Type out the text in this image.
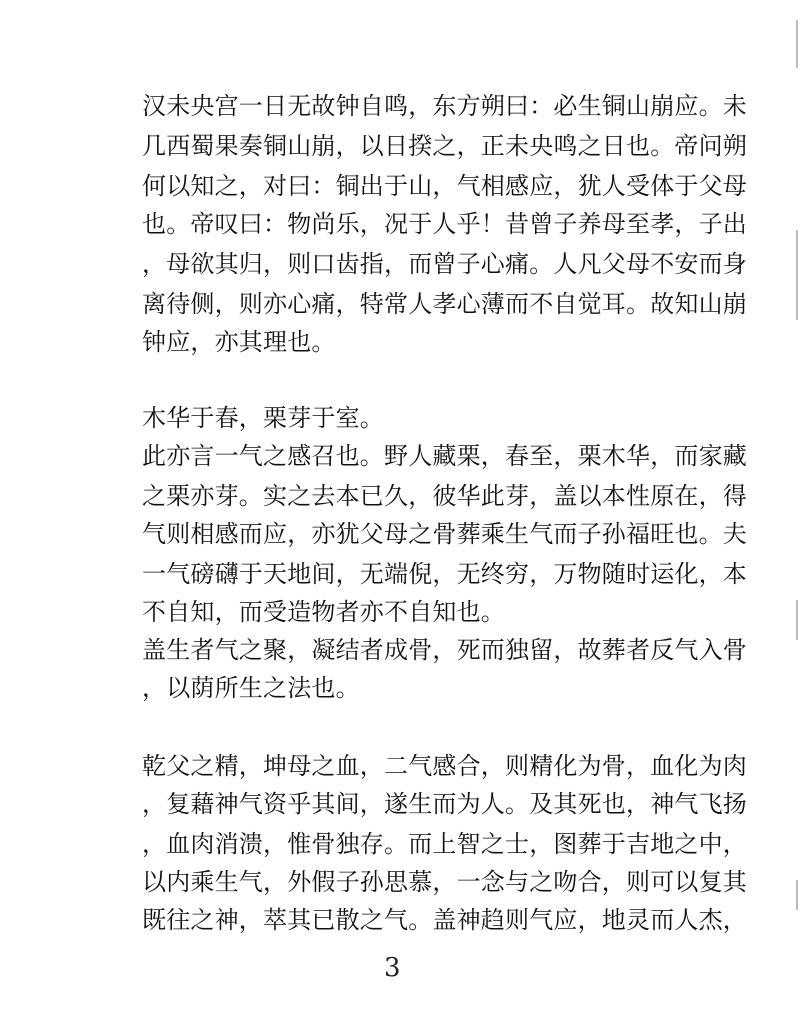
汉未央宫一日无故钟自鸣，东方朔曰：必生铜山崩应。未
几西蜀果奏铜山崩，以日揆之，正未央鸣之日也。帝问朔
何以知之，对曰：铜出于山，气相感应，犹人受体于父母
也。帝叹曰：物尚乐，况于人乎！昔曾子养母至孝，子出
，母欲其归，则口齿指，而曾子心痛。人凡父母不安而身
离待侧，则亦心痛，特常人孝心薄而不自觉耳。故知山崩
钟应，亦其理也。
木华于春，栗芽于室。
此亦言一气之感召也。野人藏栗，春至，栗木华，而家藏
之栗亦芽。实之去本已久，彼华此芽，盖以本性原在，得
气则相感而应，亦犹父母之骨葬乘生气而子孙福旺也。夫
一气磅礴于天地间，无端倪，无终穷，万物随时运化，本
不自知，而受造物者亦不自知也。
盖生者气之聚，凝结者成骨，死而独留，故葬者反气入骨
，以荫所生之法也。
乾父之精，坤母之血，二气感合，则精化为骨，血化为肉
，复藉神气资乎其间，遂生而为人。及其死也，神气飞扬
，血肉消溃，惟骨独存。而上智之士，图葬于吉地之中，
以内乘生气，外假子孙思慕，一念与之吻合，则可以复其
既往之神，萃其已散之气。盖神趋则气应，地灵而人杰，
3
